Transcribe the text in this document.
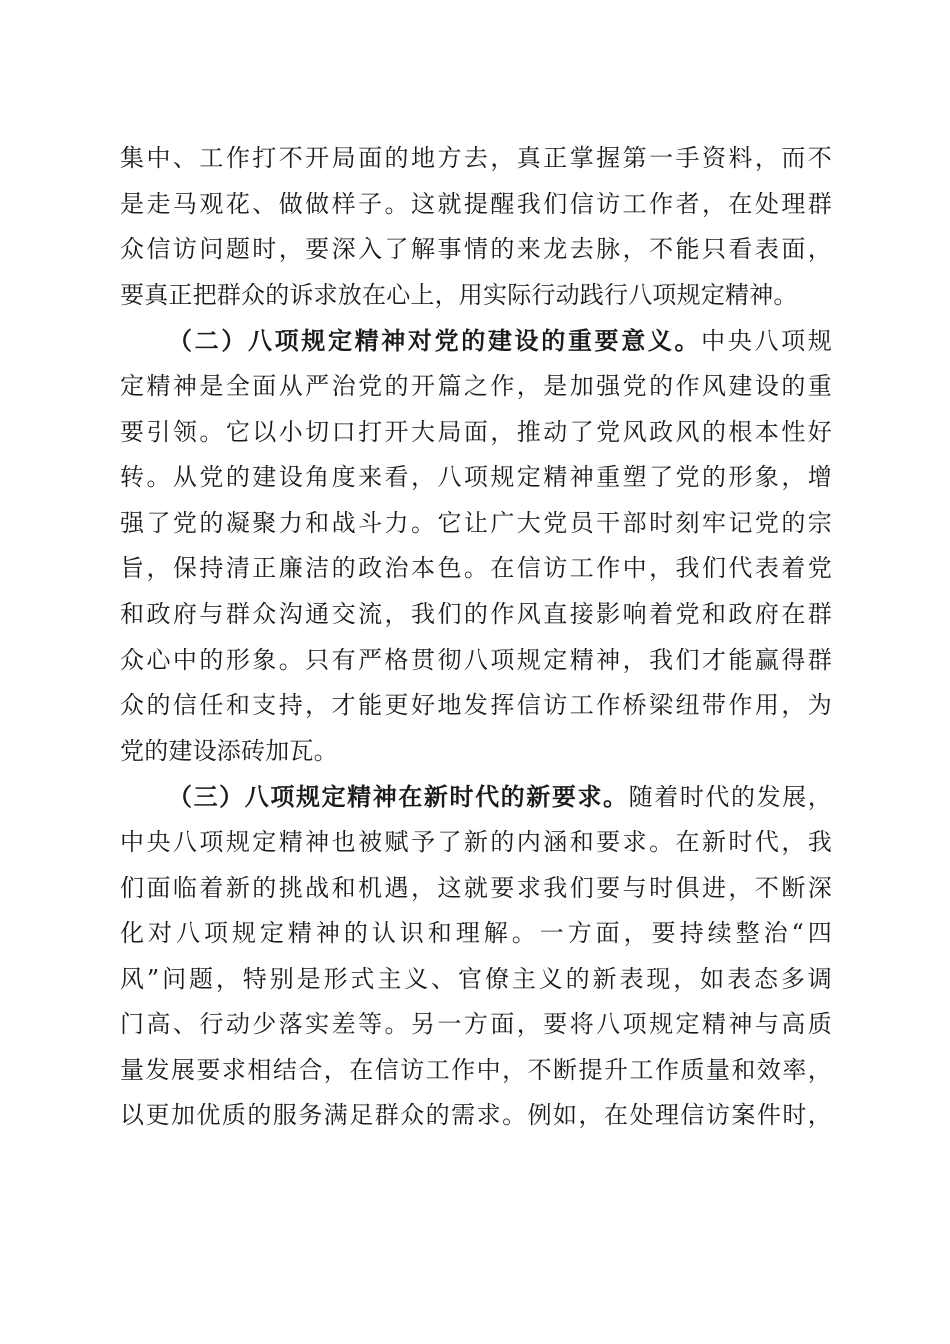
集中、工作打不开局面的地方去，真正掌握第一手资料，而不
是走马观花、做做样子。这就提醒我们信访工作者，在处理群
众信访问题时，要深入了解事情的来龙去脉，不能只看表面，
要真正把群众的诉求放在心上，用实际行动践行八项规定精神。
（二）八项规定精神对党的建设的重要意义。中央八项规
定精神是全面从严治党的开篇之作，是加强党的作风建设的重
要引领。它以小切口打开大局面，推动了党风政风的根本性好
转。从党的建设角度来看，八项规定精神重塑了党的形象，增
强了党的凝聚力和战斗力。它让广大党员干部时刻牢记党的宗
旨，保持清正廉洁的政治本色。在信访工作中，我们代表着党
和政府与群众沟通交流，我们的作风直接影响着党和政府在群
众心中的形象。只有严格贯彻八项规定精神，我们才能赢得群
众的信任和支持，才能更好地发挥信访工作桥梁纽带作用，为
党的建设添砖加瓦。
（三）八项规定精神在新时代的新要求。随着时代的发展，
中央八项规定精神也被赋予了新的内涵和要求。在新时代，我
们面临着新的挑战和机遇，这就要求我们要与时俱进，不断深
化对八项规定精神的认识和理解。一方面，要持续整治“四
风”问题，特别是形式主义、官僚主义的新表现，如表态多调
门高、行动少落实差等。另一方面，要将八项规定精神与高质
量发展要求相结合，在信访工作中，不断提升工作质量和效率，
以更加优质的服务满足群众的需求。例如，在处理信访案件时，
